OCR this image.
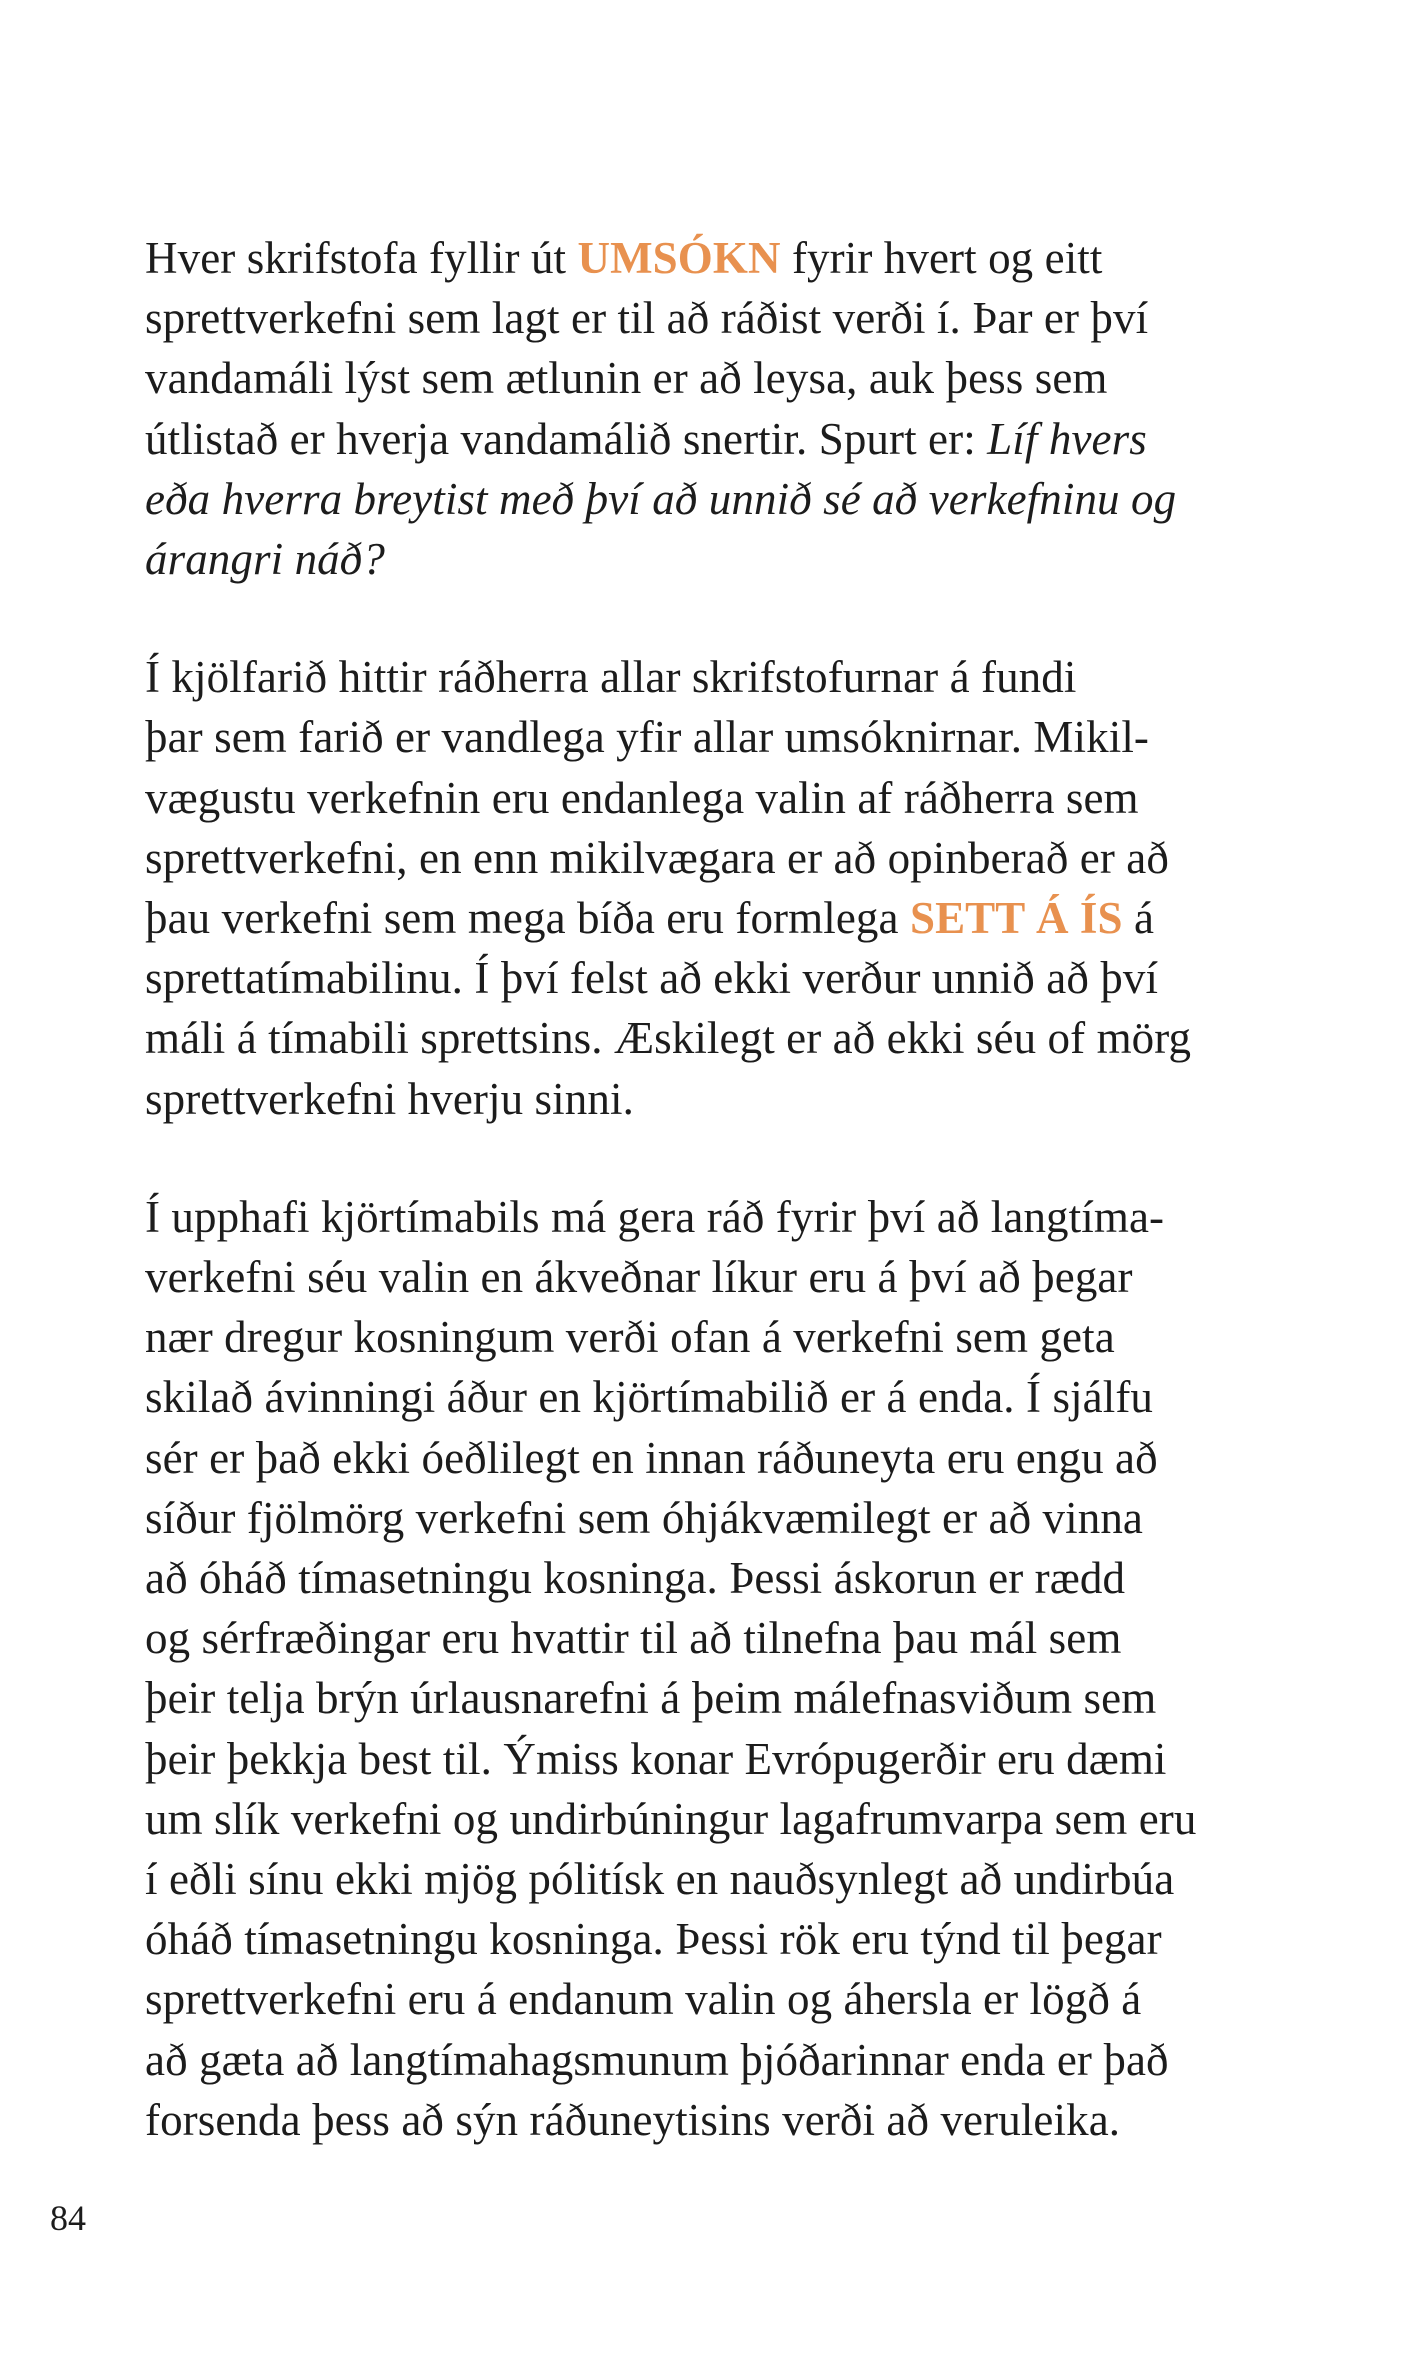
Hver skrifstofa fyllir út UMSÓKN fyrir hvert og eitt
sprettverkefni sem lagt er til að ráðist verði í. Þar er því
vandamáli lýst sem ætlunin er að leysa, auk þess sem
útlistað er hverja vandamálið snertir. Spurt er: Líf hvers
eða hverra breytist með því að unnið sé að verkefninu og
árangri náð?

Í kjölfarið hittir ráðherra allar skrifstofurnar á fundi
þar sem farið er vandlega yfir allar umsóknirnar. Mikil-
vægustu verkefnin eru endanlega valin af ráðherra sem
sprettverkefni, en enn mikilvægara er að opinberað er að
þau verkefni sem mega bíða eru formlega SETT Á ÍS á
sprettatímabilinu. Í því felst að ekki verður unnið að því
máli á tímabili sprettsins. Æskilegt er að ekki séu of mörg
sprettverkefni hverju sinni.

Í upphafi kjörtímabils má gera ráð fyrir því að langtíma-
verkefni séu valin en ákveðnar líkur eru á því að þegar
nær dregur kosningum verði ofan á verkefni sem geta
skilað ávinningi áður en kjörtímabilið er á enda. Í sjálfu
sér er það ekki óeðlilegt en innan ráðuneyta eru engu að
síður fjölmörg verkefni sem óhjákvæmilegt er að vinna
að óháð tímasetningu kosninga. Þessi áskorun er rædd
og sérfræðingar eru hvattir til að tilnefna þau mál sem
þeir telja brýn úrlausnarefni á þeim málefnasviðum sem
þeir þekkja best til. Ýmiss konar Evrópugerðir eru dæmi
um slík verkefni og undirbúningur lagafrumvarpa sem eru
í eðli sínu ekki mjög pólitísk en nauðsynlegt að undirbúa
óháð tímasetningu kosninga. Þessi rök eru týnd til þegar
sprettverkefni eru á endanum valin og áhersla er lögð á
að gæta að langtímahagsmunum þjóðarinnar enda er það
forsenda þess að sýn ráðuneytisins verði að veruleika.

84
